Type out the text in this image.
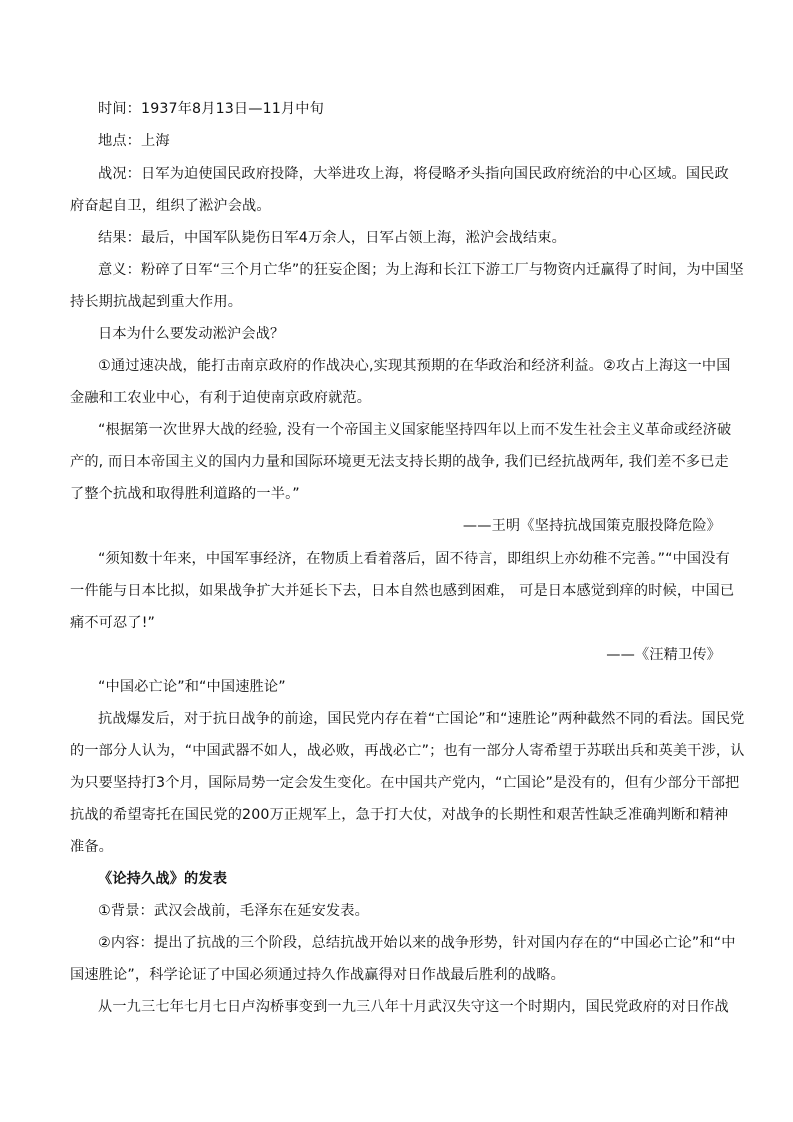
时间：1937年8月13日—11月中旬
地点：上海
战况：日军为迫使国民政府投降，大举进攻上海，将侵略矛头指向国民政府统治的中心区域。国民政
府奋起自卫，组织了淞沪会战。
结果：最后，中国军队毙伤日军4万余人，日军占领上海，淞沪会战结束。
意义：粉碎了日军“三个月亡华”的狂妄企图；为上海和长江下游工厂与物资内迁赢得了时间，为中国坚
持长期抗战起到重大作用。
日本为什么要发动淞沪会战？
①通过速决战，能打击南京政府的作战决心,实现其预期的在华政治和经济利益。②攻占上海这一中国
金融和工农业中心，有利于迫使南京政府就范。
“根据第一次世界大战的经验, 没有一个帝国主义国家能坚持四年以上而不发生社会主义革命或经济破
产的, 而日本帝国主义的国内力量和国际环境更无法支持长期的战争, 我们已经抗战两年, 我们差不多已走
了整个抗战和取得胜利道路的一半。”
——王明《坚持抗战国策克服投降危险》
“须知数十年来，中国军事经济，在物质上看着落后，固不待言，即组织上亦幼稚不完善。”“中国没有
一件能与日本比拟，如果战争扩大并延长下去，日本自然也感到困难， 可是日本感觉到痒的时候，中国已
痛不可忍了!”
——《汪精卫传》
“中国必亡论”和“中国速胜论”
抗战爆发后，对于抗日战争的前途，国民党内存在着“亡国论”和“速胜论”两种截然不同的看法。国民党
的一部分人认为，“中国武器不如人，战必败，再战必亡”；也有一部分人寄希望于苏联出兵和英美干涉，认
为只要坚持打3个月，国际局势一定会发生变化。在中国共产党内，“亡国论”是没有的，但有少部分干部把
抗战的希望寄托在国民党的200万正规军上，急于打大仗，对战争的长期性和艰苦性缺乏准确判断和精神
准备。
《论持久战》的发表
①背景：武汉会战前，毛泽东在延安发表。
②内容：提出了抗战的三个阶段，总结抗战开始以来的战争形势，针对国内存在的“中国必亡论”和“中
国速胜论”，科学论证了中国必须通过持久作战赢得对日作战最后胜利的战略。
从一九三七年七月七日卢沟桥事变到一九三八年十月武汉失守这一个时期内，国民党政府的对日作战
